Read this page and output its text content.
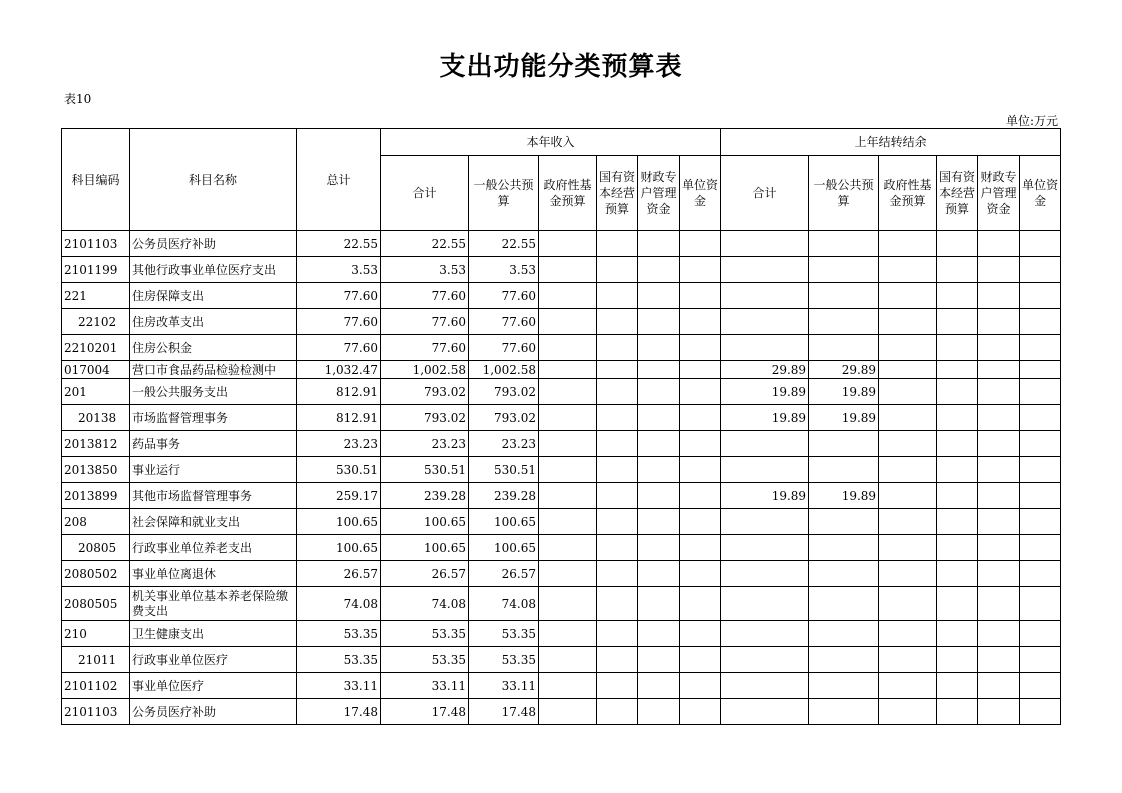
支出功能分类预算表
表10
单位:万元
科目编码	科目名称	总计	本年收入						上年结转结余					
			合计	一般公共预算	政府性基金预算	国有资本经营预算	财政专户管理资金	单位资金	合计	一般公共预算	政府性基金预算	国有资本经营预算	财政专户管理资金	单位资金
2101103	公务员医疗补助	22.55	22.55	22.55										
2101199	其他行政事业单位医疗支出	3.53	3.53	3.53										
221	住房保障支出	77.60	77.60	77.60										
22102	住房改革支出	77.60	77.60	77.60										
2210201	住房公积金	77.60	77.60	77.60										
017004	营口市食品药品检验检测中	1,032.47	1,002.58	1,002.58					29.89	29.89				
201	一般公共服务支出	812.91	793.02	793.02					19.89	19.89				
20138	市场监督管理事务	812.91	793.02	793.02					19.89	19.89				
2013812	药品事务	23.23	23.23	23.23										
2013850	事业运行	530.51	530.51	530.51										
2013899	其他市场监督管理事务	259.17	239.28	239.28					19.89	19.89				
208	社会保障和就业支出	100.65	100.65	100.65										
20805	行政事业单位养老支出	100.65	100.65	100.65										
2080502	事业单位离退休	26.57	26.57	26.57										
2080505	机关事业单位基本养老保险缴费支出	74.08	74.08	74.08										
210	卫生健康支出	53.35	53.35	53.35										
21011	行政事业单位医疗	53.35	53.35	53.35										
2101102	事业单位医疗	33.11	33.11	33.11										
2101103	公务员医疗补助	17.48	17.48	17.48										
